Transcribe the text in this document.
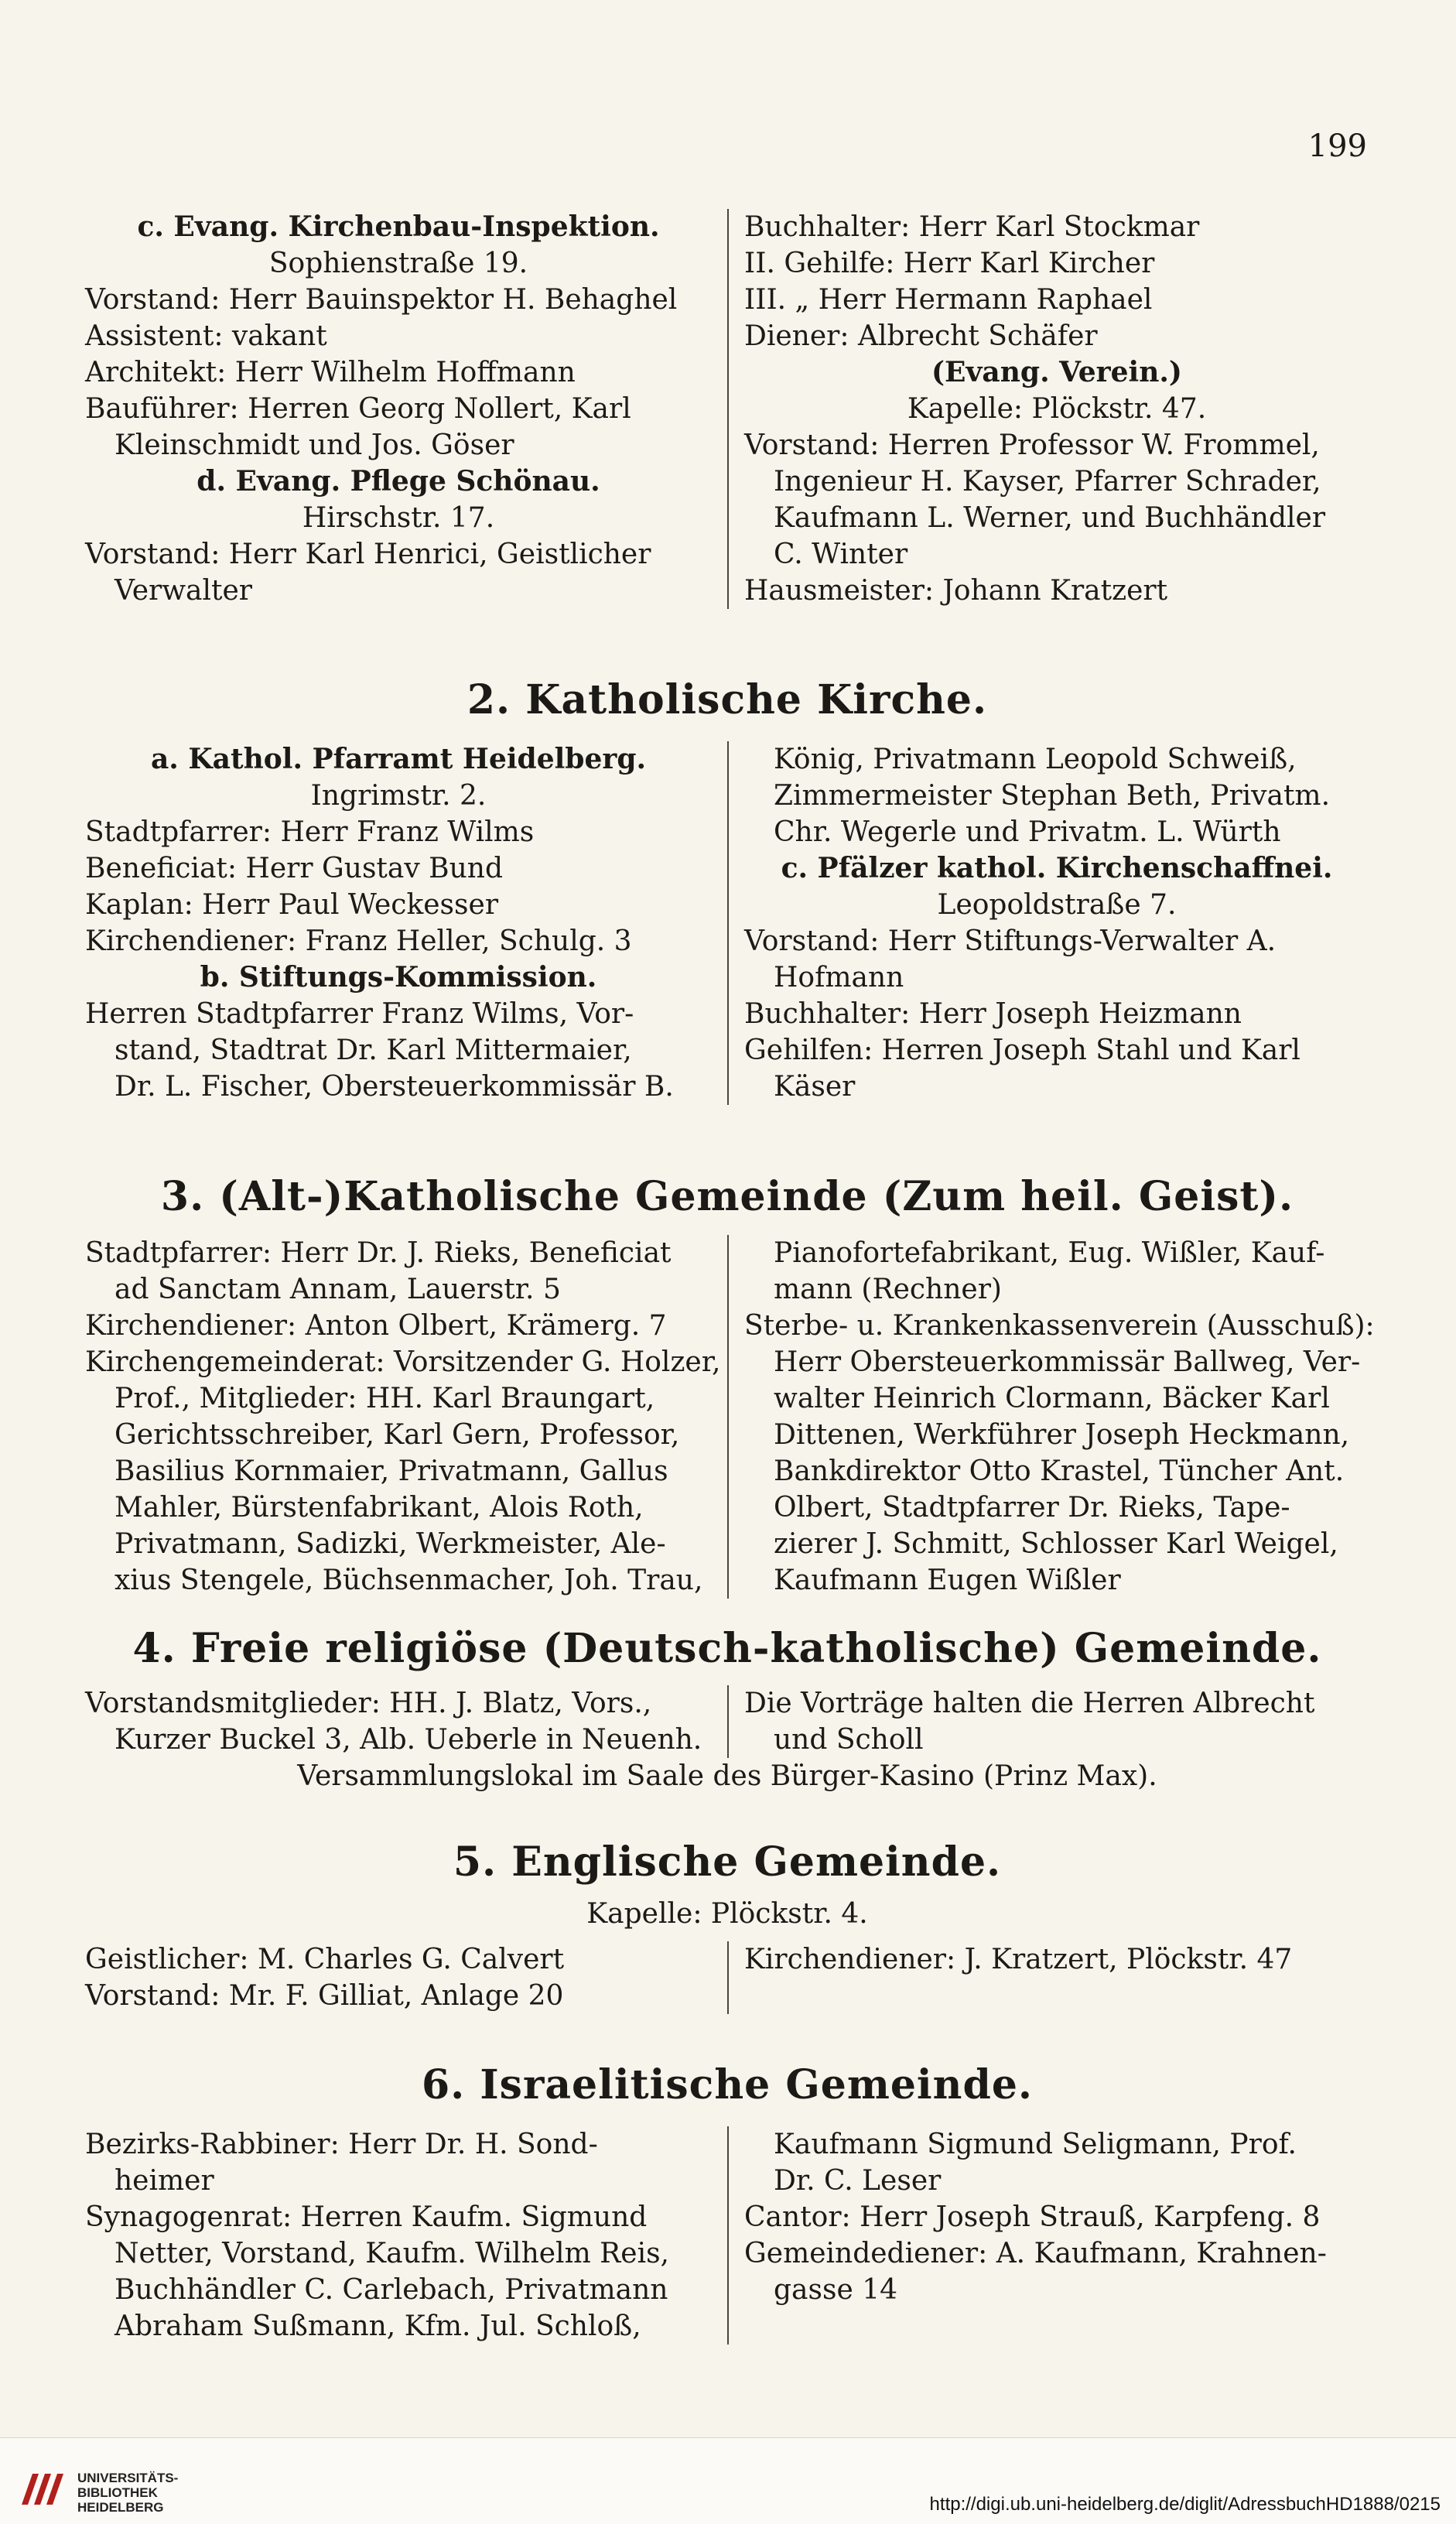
199
c. Evang. Kirchenbau-Inspektion.
Sophienstraße 19.
Vorstand: Herr Bauinspektor H. Behaghel
Assistent: vakant
Architekt: Herr Wilhelm Hoffmann
Bauführer: Herren Georg Nollert, Karl
Kleinschmidt und Jos. Göser
d. Evang. Pflege Schönau.
Hirschstr. 17.
Vorstand: Herr Karl Henrici, Geistlicher
Verwalter
Buchhalter: Herr Karl Stockmar
II. Gehilfe: Herr Karl Kircher
III. „ Herr Hermann Raphael
Diener: Albrecht Schäfer
(Evang. Verein.)
Kapelle: Plöckstr. 47.
Vorstand: Herren Professor W. Frommel,
Ingenieur H. Kayser, Pfarrer Schrader,
Kaufmann L. Werner, und Buchhändler
C. Winter
Hausmeister: Johann Kratzert
2. Katholische Kirche.
a. Kathol. Pfarramt Heidelberg.
Ingrimstr. 2.
Stadtpfarrer: Herr Franz Wilms
Beneficiat: Herr Gustav Bund
Kaplan: Herr Paul Weckesser
Kirchendiener: Franz Heller, Schulg. 3
b. Stiftungs-Kommission.
Herren Stadtpfarrer Franz Wilms, Vor-
stand, Stadtrat Dr. Karl Mittermaier,
Dr. L. Fischer, Obersteuerkommissär B.
König, Privatmann Leopold Schweiß,
Zimmermeister Stephan Beth, Privatm.
Chr. Wegerle und Privatm. L. Würth
c. Pfälzer kathol. Kirchenschaffnei.
Leopoldstraße 7.
Vorstand: Herr Stiftungs-Verwalter A.
Hofmann
Buchhalter: Herr Joseph Heizmann
Gehilfen: Herren Joseph Stahl und Karl
Käser
3. (Alt-)Katholische Gemeinde (Zum heil. Geist).
Stadtpfarrer: Herr Dr. J. Rieks, Beneficiat
ad Sanctam Annam, Lauerstr. 5
Kirchendiener: Anton Olbert, Krämerg. 7
Kirchengemeinderat: Vorsitzender G. Holzer,
Prof., Mitglieder: HH. Karl Braungart,
Gerichtsschreiber, Karl Gern, Professor,
Basilius Kornmaier, Privatmann, Gallus
Mahler, Bürstenfabrikant, Alois Roth,
Privatmann, Sadizki, Werkmeister, Ale-
xius Stengele, Büchsenmacher, Joh. Trau,
Pianofortefabrikant, Eug. Wißler, Kauf-
mann (Rechner)
Sterbe- u. Krankenkassenverein (Ausschuß):
Herr Obersteuerkommissär Ballweg, Ver-
walter Heinrich Clormann, Bäcker Karl
Dittenen, Werkführer Joseph Heckmann,
Bankdirektor Otto Krastel, Tüncher Ant.
Olbert, Stadtpfarrer Dr. Rieks, Tape-
zierer J. Schmitt, Schlosser Karl Weigel,
Kaufmann Eugen Wißler
4. Freie religiöse (Deutsch-katholische) Gemeinde.
Vorstandsmitglieder: HH. J. Blatz, Vors.,
Kurzer Buckel 3, Alb. Ueberle in Neuenh.
Die Vorträge halten die Herren Albrecht
und Scholl
Versammlungslokal im Saale des Bürger-Kasino (Prinz Max).
5. Englische Gemeinde.
Kapelle: Plöckstr. 4.
Geistlicher: M. Charles G. Calvert
Vorstand: Mr. F. Gilliat, Anlage 20
Kirchendiener: J. Kratzert, Plöckstr. 47
6. Israelitische Gemeinde.
Bezirks-Rabbiner: Herr Dr. H. Sond-
heimer
Synagogenrat: Herren Kaufm. Sigmund
Netter, Vorstand, Kaufm. Wilhelm Reis,
Buchhändler C. Carlebach, Privatmann
Abraham Sußmann, Kfm. Jul. Schloß,
Kaufmann Sigmund Seligmann, Prof.
Dr. C. Leser
Cantor: Herr Joseph Strauß, Karpfeng. 8
Gemeindediener: A. Kaufmann, Krahnen-
gasse 14
UNIVERSITÄTS-
BIBLIOTHEK
HEIDELBERG	http://digi.ub.uni-heidelberg.de/diglit/AdressbuchHD1888/0215
